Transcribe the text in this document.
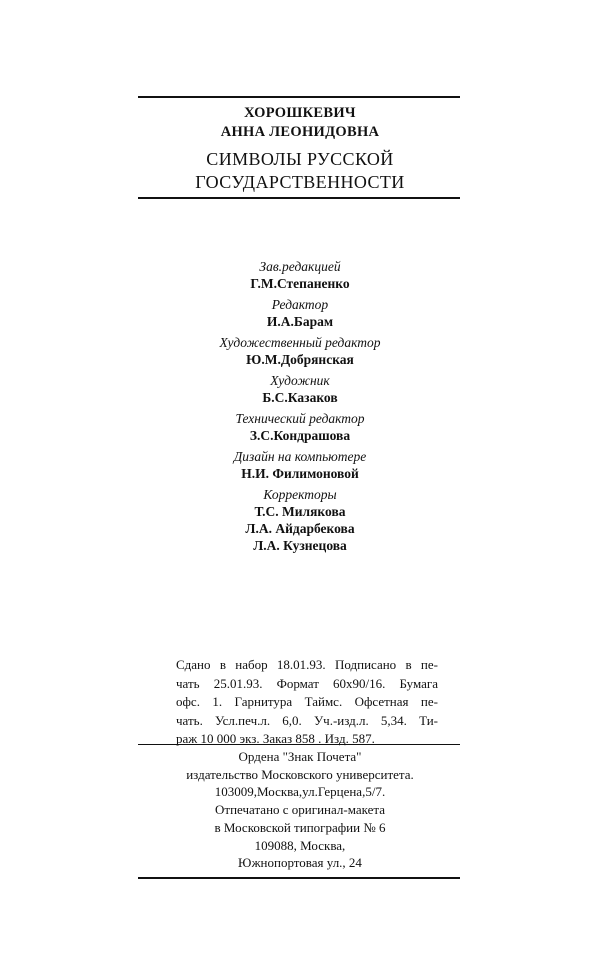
ХОРОШКЕВИЧ
АННА ЛЕОНИДОВНА
СИМВОЛЫ РУССКОЙ
ГОСУДАРСТВЕННОСТИ
Зав.редакцией
Г.М.Степаненко
Редактор
И.А.Барам
Художественный редактор
Ю.М.Добрянская
Художник
Б.С.Казаков
Технический редактор
З.С.Кондрашова
Дизайн на компьютере
Н.И. Филимоновой
Корректоры
Т.С. Милякова
Л.А. Айдарбекова
Л.А. Кузнецова
Сдано в набор 18.01.93. Подписано в пе-
чать 25.01.93. Формат 60x90/16. Бумага
офс. 1. Гарнитура Таймс. Офсетная пе-
чать. Усл.печ.л. 6,0. Уч.-изд.л. 5,34. Ти-
раж 10 000 экз. Заказ 858 . Изд. 587.
Ордена "Знак Почета"
издательство Московского университета.
103009,Москва,ул.Герцена,5/7.
Отпечатано с оригинал-макета
в Московской типографии № 6
109088, Москва,
Южнопортовая ул., 24
